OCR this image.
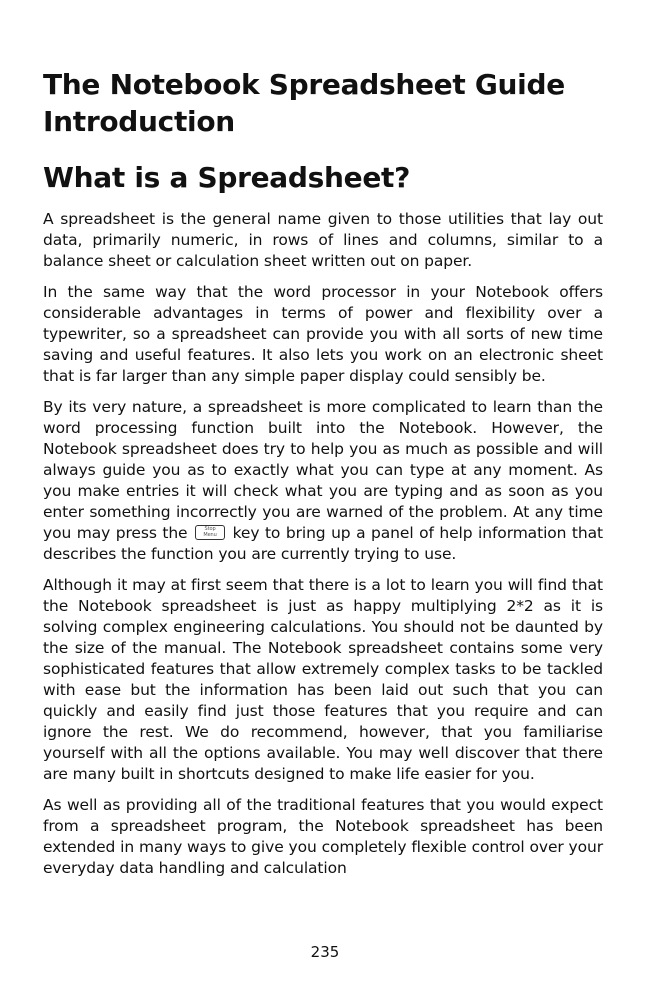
The Notebook Spreadsheet Guide
Introduction
What is a Spreadsheet?

A spreadsheet is the general name given to those utilities that lay out data, primarily numeric, in rows of lines and columns, similar to a balance sheet or calculation sheet written out on paper.

In the same way that the word processor in your Notebook offers considerable advantages in terms of power and flexibility over a typewriter, so a spreadsheet can provide you with all sorts of new time saving and useful features. It also lets you work on an electronic sheet that is far larger than any simple paper display could sensibly be.

By its very nature, a spreadsheet is more complicated to learn than the word processing function built into the Notebook. However, the Notebook spreadsheet does try to help you as much as possible and will always guide you as to exactly what you can type at any moment. As you make entries it will check what you are typing and as soon as you enter something incorrectly you are warned of the problem. At any time you may press the	Stop
Menu	key to bring up a panel of help information that describes the function you are currently trying to use.

Although it may at first seem that there is a lot to learn you will find that the Notebook spreadsheet is just as happy multiplying 2*2 as it is solving complex engineering calculations. You should not be daunted by the size of the manual. The Notebook spreadsheet contains some very sophisticated features that allow extremely complex tasks to be tackled with ease but the information has been laid out such that you can quickly and easily find just those features that you require and can ignore the rest. We do recommend, however, that you familiarise yourself with all the options available. You may well discover that there are many built in shortcuts designed to make life easier for you.

As well as providing all of the traditional features that you would expect from a spreadsheet program, the Notebook spreadsheet has been extended in many ways to give you completely flexible control over your everyday data handling and calculation

235
